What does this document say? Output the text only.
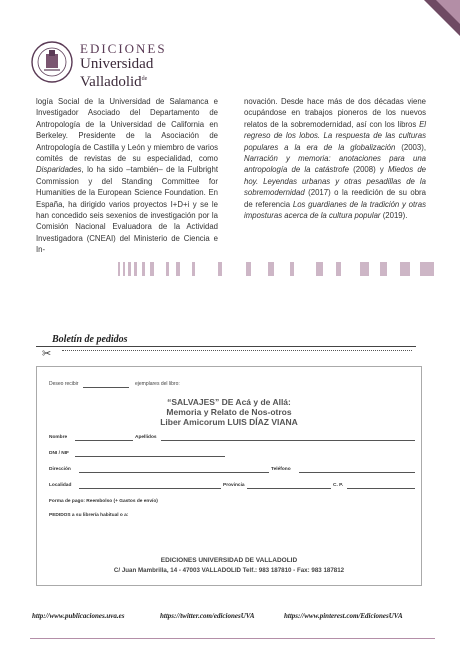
EDICIONES
Universidad
Valladolid$^{de}$
logía Social de la Universidad de Salamanca e Investigador Asociado del Departamento de Antropología de la Universidad de California en Berkeley. Presidente de la Asociación de Antropología de Castilla y León y miembro de varios comités de revistas de su especialidad, como Disparidades, lo ha sido –también– de la Fulbright Commission y del Standing Committee for Humanities de la European Science Foundation. En España, ha dirigido varios proyectos I+D+i y se le han concedido seis sexenios de investigación por la Comisión Nacional Evaluadora de la Actividad Investigadora (CNEAI) del Ministerio de Ciencia e In-
novación. Desde hace más de dos décadas viene ocupándose en trabajos pioneros de los nuevos relatos de la sobremodernidad, así con los libros El regreso de los lobos. La respuesta de las culturas populares a la era de la globalización (2003), Narración y memoria: anotaciones para una antropología de la catástrofe (2008) y Miedos de hoy. Leyendas urbanas y otras pesadillas de la sobremodernidad (2017) o la reedición de su obra de referencia Los guardianes de la tradición y otras imposturas acerca de la cultura popular (2019).
Boletín de pedidos
✂
Deseo recibir	ejemplares del libro:
“SALVAJES” DE Acá y de Allá:
Memoria y Relato de Nos-otros
Liber Amicorum LUIS DÍAZ VIANA
Nombre	Apellidos
DNI / NIF
Dirección	Teléfono
Localidad	Provincia	C. P.
Forma de pago: Reembolso (+ Gastos de envío)
PEDIDOS a su librería habitual o a:
EDICIONES UNIVERSIDAD DE VALLADOLID
C/ Juan Mambrilla, 14 - 47003 VALLADOLID Telf.: 983 187810 - Fax: 983 187812
http://www.publicaciones.uva.es	https://twitter.com/edicionesUVA	https://www.pinterest.com/EdicionesUVA
